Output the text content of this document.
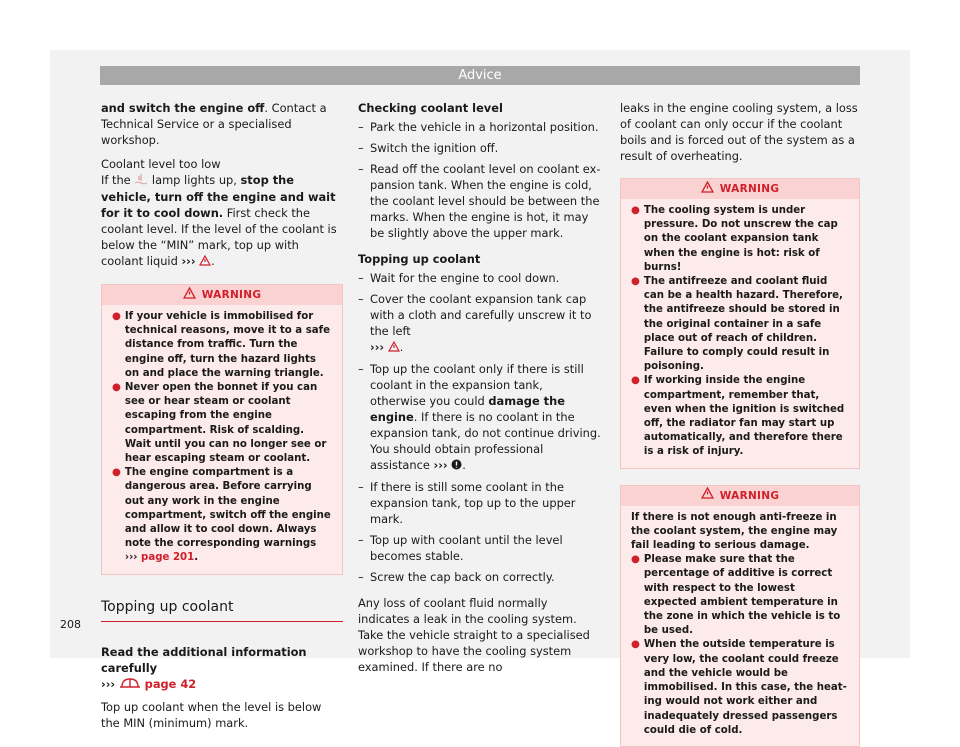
Advice

and switch the engine off. Contact a Technical Service or a specialised workshop.

Coolant level too low

If the  lamp lights up, stop the vehicle, turn off the engine and wait for it to cool down. First check the coolant level. If the level of the coolant is below the “MIN” mark, top up with coolant liquid ››› .

WARNING
● If your vehicle is immobilised for technical reasons, move it to a safe distance from traffic. Turn the engine off, turn the hazard lights on and place the warning triangle.

● Never open the bonnet if you can see or hear steam or coolant escaping from the engine compartment. Risk of scalding. Wait until you can no longer see or hear escaping steam or coolant.

● The engine compartment is a dangerous area. Before carrying out any work in the engine compartment, switch off the engine and allow it to cool down. Always note the corresponding warnings ››› page 201.

Topping up coolant

Read the additional information carefully
›››  page 42

Top up coolant when the level is below the MIN (minimum) mark.

Checking coolant level

– Park the vehicle in a horizontal position.
– Switch the ignition off.
– Read off the coolant level on coolant expansion tank. When the engine is cold, the coolant level should be between the marks. When the engine is hot, it may be slightly above the upper mark.

Topping up coolant

– Wait for the engine to cool down.
– Cover the coolant expansion tank cap with a cloth and carefully unscrew it to the left
››› .
– Top up the coolant only if there is still coolant in the expansion tank, otherwise you could damage the engine. If there is no coolant in the expansion tank, do not continue driving. You should obtain professional assistance ››› .
– If there is still some coolant in the expansion tank, top up to the upper mark.
– Top up with coolant until the level becomes stable.
– Screw the cap back on correctly.

Any loss of coolant fluid normally indicates a leak in the cooling system. Take the vehicle straight to a specialised workshop to have the cooling system examined. If there are no

leaks in the engine cooling system, a loss of coolant can only occur if the coolant boils and is forced out of the system as a result of overheating.

WARNING
● The cooling system is under pressure. Do not unscrew the cap on the coolant expansion tank when the engine is hot: risk of burns!

● The antifreeze and coolant fluid can be a health hazard. Therefore, the antifreeze should be stored in the original container in a safe place out of reach of children. Failure to comply could result in poisoning.

● If working inside the engine compartment, remember that, even when the ignition is switched off, the radiator fan may start up automatically, and therefore there is a risk of injury.

WARNING

If there is not enough anti-freeze in the coolant system, the engine may fail leading to serious damage.

● Please make sure that the percentage of additive is correct with respect to the lowest expected ambient temperature in the zone in which the vehicle is to be used.

● When the outside temperature is very low, the coolant could freeze and the vehicle would be immobilised. In this case, the heating would not work either and inadequately dressed passengers could die of cold.

208
